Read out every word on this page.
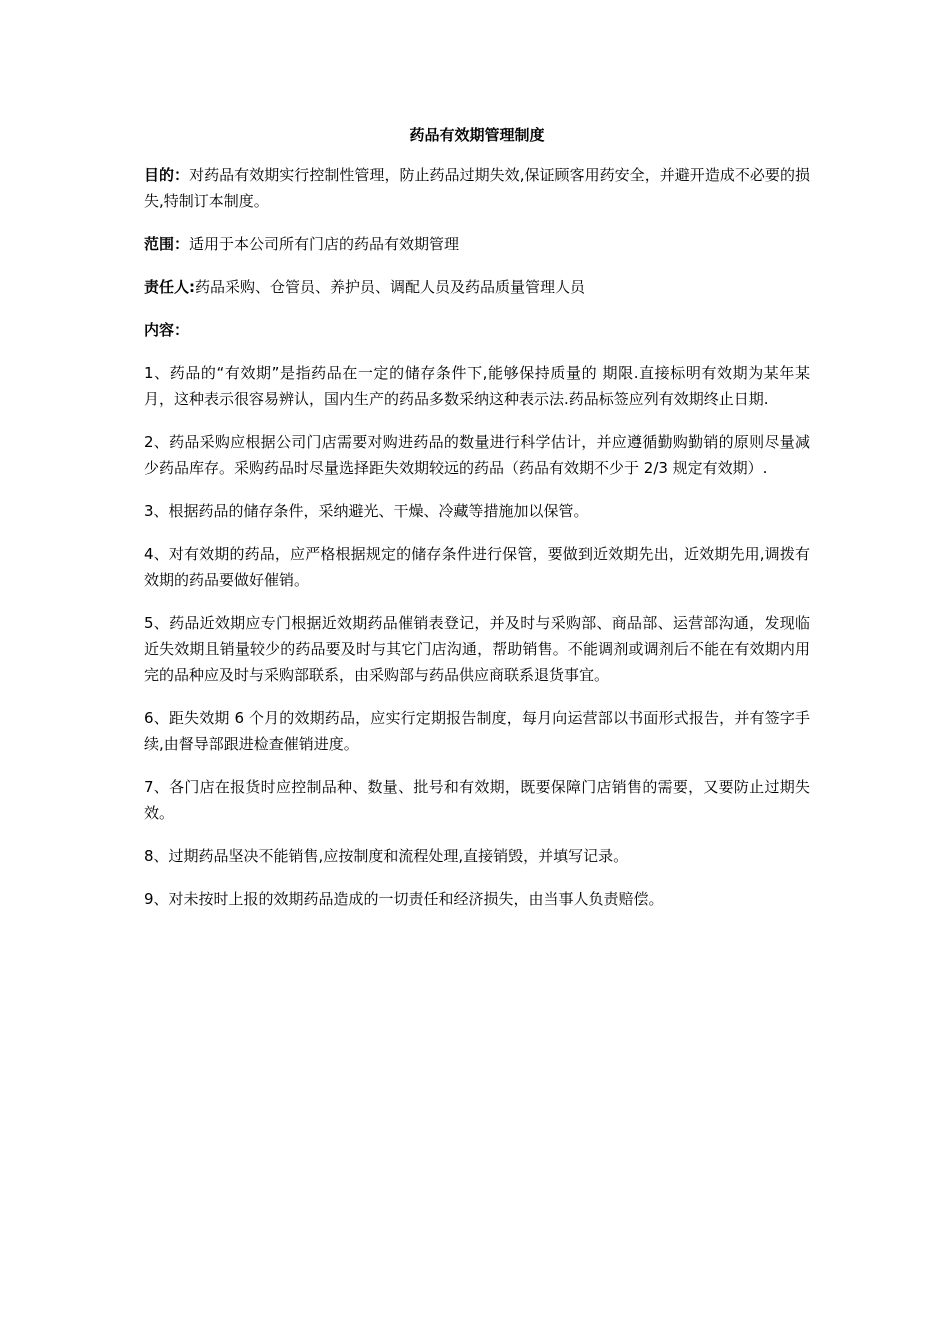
药品有效期管理制度
目的：对药品有效期实行控制性管理，防止药品过期失效,保证顾客用药安全，并避开造成不必要的损失,特制订本制度。
范围：适用于本公司所有门店的药品有效期管理
责任人:药品采购、仓管员、养护员、调配人员及药品质量管理人员
内容：
1、药品的“有效期”是指药品在一定的储存条件下,能够保持质量的 期限.直接标明有效期为某年某月，这种表示很容易辨认，国内生产的药品多数采纳这种表示法.药品标签应列有效期终止日期.
2、药品采购应根据公司门店需要对购进药品的数量进行科学估计，并应遵循勤购勤销的原则尽量减少药品库存。采购药品时尽量选择距失效期较远的药品（药品有效期不少于 2/3 规定有效期）.
3、根据药品的储存条件，采纳避光、干燥、冷藏等措施加以保管。
4、对有效期的药品，应严格根据规定的储存条件进行保管，要做到近效期先出，近效期先用,调拨有效期的药品要做好催销。
5、药品近效期应专门根据近效期药品催销表登记，并及时与采购部、商品部、运营部沟通，发现临近失效期且销量较少的药品要及时与其它门店沟通，帮助销售。不能调剂或调剂后不能在有效期内用完的品种应及时与采购部联系，由采购部与药品供应商联系退货事宜。
6、距失效期 6 个月的效期药品，应实行定期报告制度，每月向运营部以书面形式报告，并有签字手续,由督导部跟进检查催销进度。
7、各门店在报货时应控制品种、数量、批号和有效期，既要保障门店销售的需要，又要防止过期失效。
8、过期药品坚决不能销售,应按制度和流程处理,直接销毁，并填写记录。
9、对未按时上报的效期药品造成的一切责任和经济损失，由当事人负责赔偿。
